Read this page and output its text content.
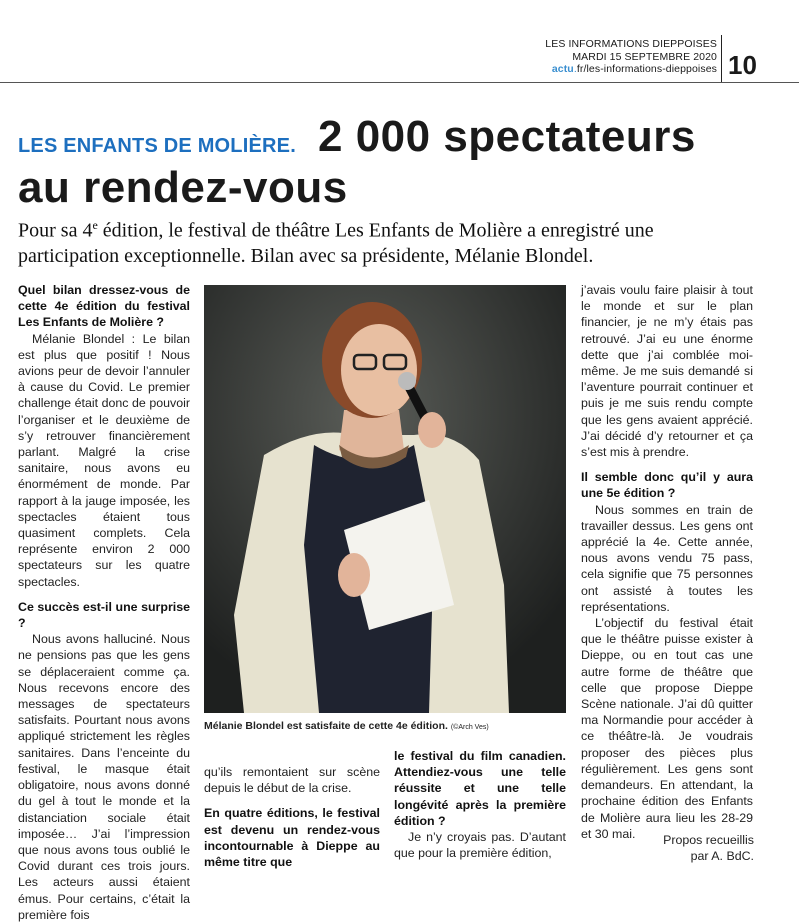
LES INFORMATIONS DIEPPOISES
MARDI 15 SEPTEMBRE 2020
actu.fr/les-informations-dieppoises 10
LES ENFANTS DE MOLIÈRE. 2 000 spectateurs
au rendez-vous
Pour sa 4e édition, le festival de théâtre Les Enfants de Molière a enregistré une participation exceptionnelle. Bilan avec sa présidente, Mélanie Blondel.

Quel bilan dressez-vous de cette 4e édition du festival Les Enfants de Molière ?

Mélanie Blondel : Le bilan est plus que positif ! Nous avions peur de devoir l’annuler à cause du Covid. Le premier challenge était donc de pouvoir l’organiser et le deuxième de s’y retrouver financièrement parlant. Malgré la crise sanitaire, nous avons eu énormément de monde. Par rapport à la jauge imposée, les spectacles étaient tous quasiment complets. Cela représente environ 2 000 spectateurs sur les quatre spectacles.

Ce succès est-il une surprise ?

Nous avons halluciné. Nous ne pensions pas que les gens se déplaceraient comme ça. Nous recevons encore des messages de spectateurs satisfaits. Pourtant nous avons appliqué strictement les règles sanitaires. Dans l’enceinte du festival, le masque était obligatoire, nous avons donné du gel à tout le monde et la distanciation sociale était imposée… J’ai l’impression que nous avons tous oublié le Covid durant ces trois jours. Les acteurs aussi étaient émus. Pour certains, c’était la première fois

Mélanie Blondel est satisfaite de cette 4e édition. (©Arch Ves)

qu’ils remontaient sur scène depuis le début de la crise.

En quatre éditions, le festival est devenu un rendez-vous incontournable à Dieppe au même titre que

le festival du film canadien. Attendiez-vous une telle réussite et une telle longévité après la première édition ?

Je n’y croyais pas. D’autant que pour la première édition,

j’avais voulu faire plaisir à tout le monde et sur le plan financier, je ne m’y étais pas retrouvé. J’ai eu une énorme dette que j’ai comblée moi-même. Je me suis demandé si l’aventure pourrait continuer et puis je me suis rendu compte que les gens avaient apprécié. J’ai décidé d’y retourner et ça s’est mis à prendre.

Il semble donc qu’il y aura une 5e édition ?

Nous sommes en train de travailler dessus. Les gens ont apprécié la 4e. Cette année, nous avons vendu 75 pass, cela signifie que 75 personnes ont assisté à toutes les représentations.

L’objectif du festival était que le théâtre puisse exister à Dieppe, ou en tout cas une autre forme de théâtre que celle que propose Dieppe Scène nationale. J’ai dû quitter ma Normandie pour accéder à ce théâtre-là. Je voudrais proposer des pièces plus régulièrement. Les gens sont demandeurs. En attendant, la prochaine édition des Enfants de Molière aura lieu les 28-29 et 30 mai.	Propos recueillis
par A. BdC.
